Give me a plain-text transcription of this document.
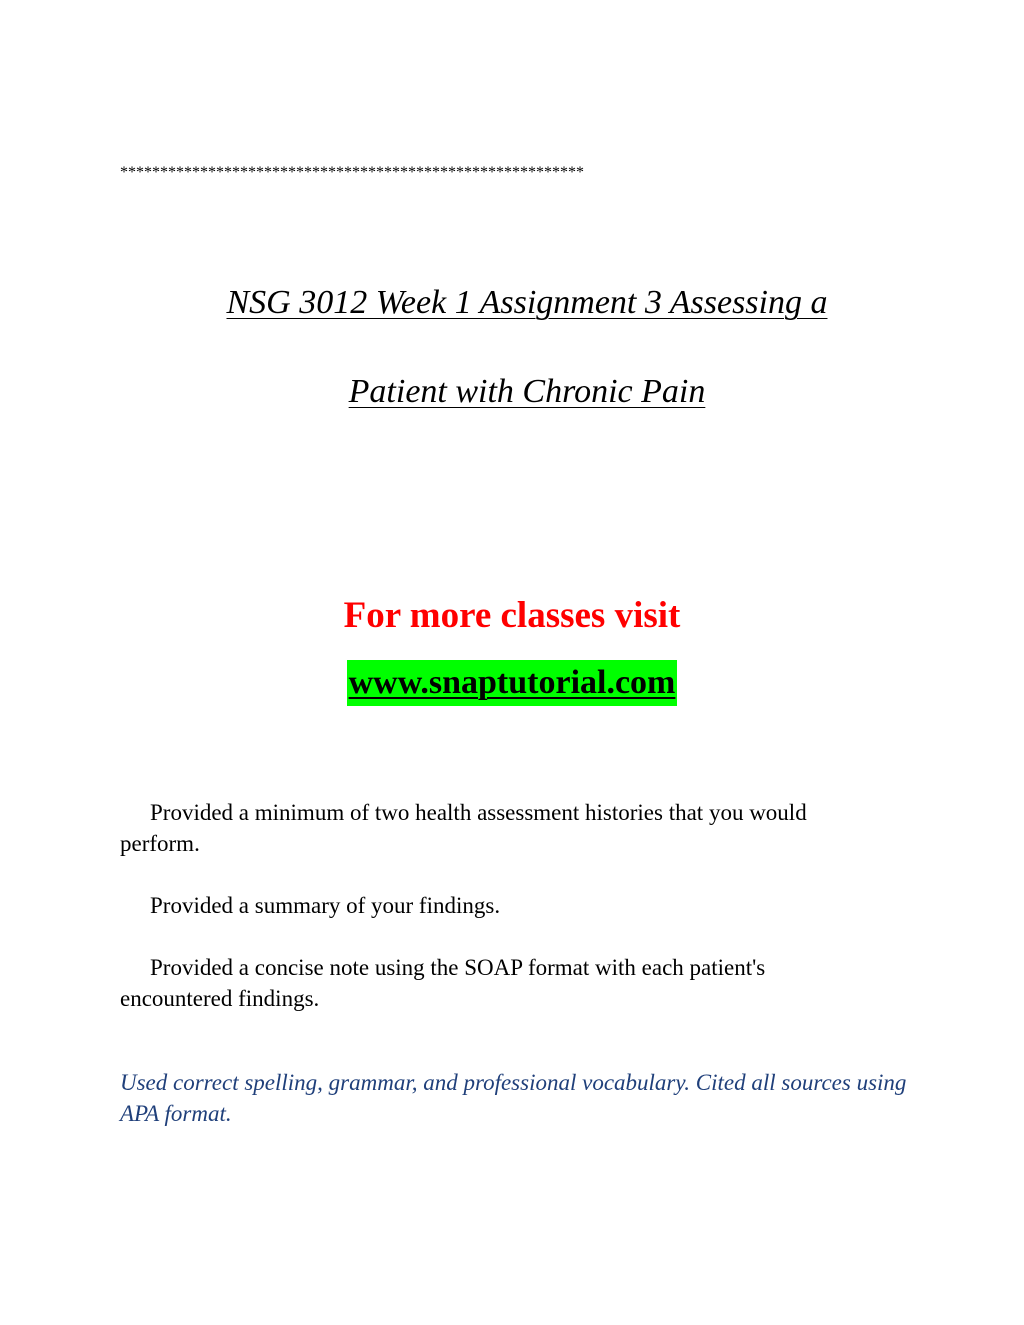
**********************************************************
NSG 3012 Week 1 Assignment 3 Assessing a
Patient with Chronic Pain
For more classes visit
www.snaptutorial.com
Provided a minimum of two health assessment histories that you would perform.
Provided a summary of your findings.
Provided a concise note using the SOAP format with each patient's encountered findings.
Used correct spelling, grammar, and professional vocabulary. Cited all sources using APA format.
